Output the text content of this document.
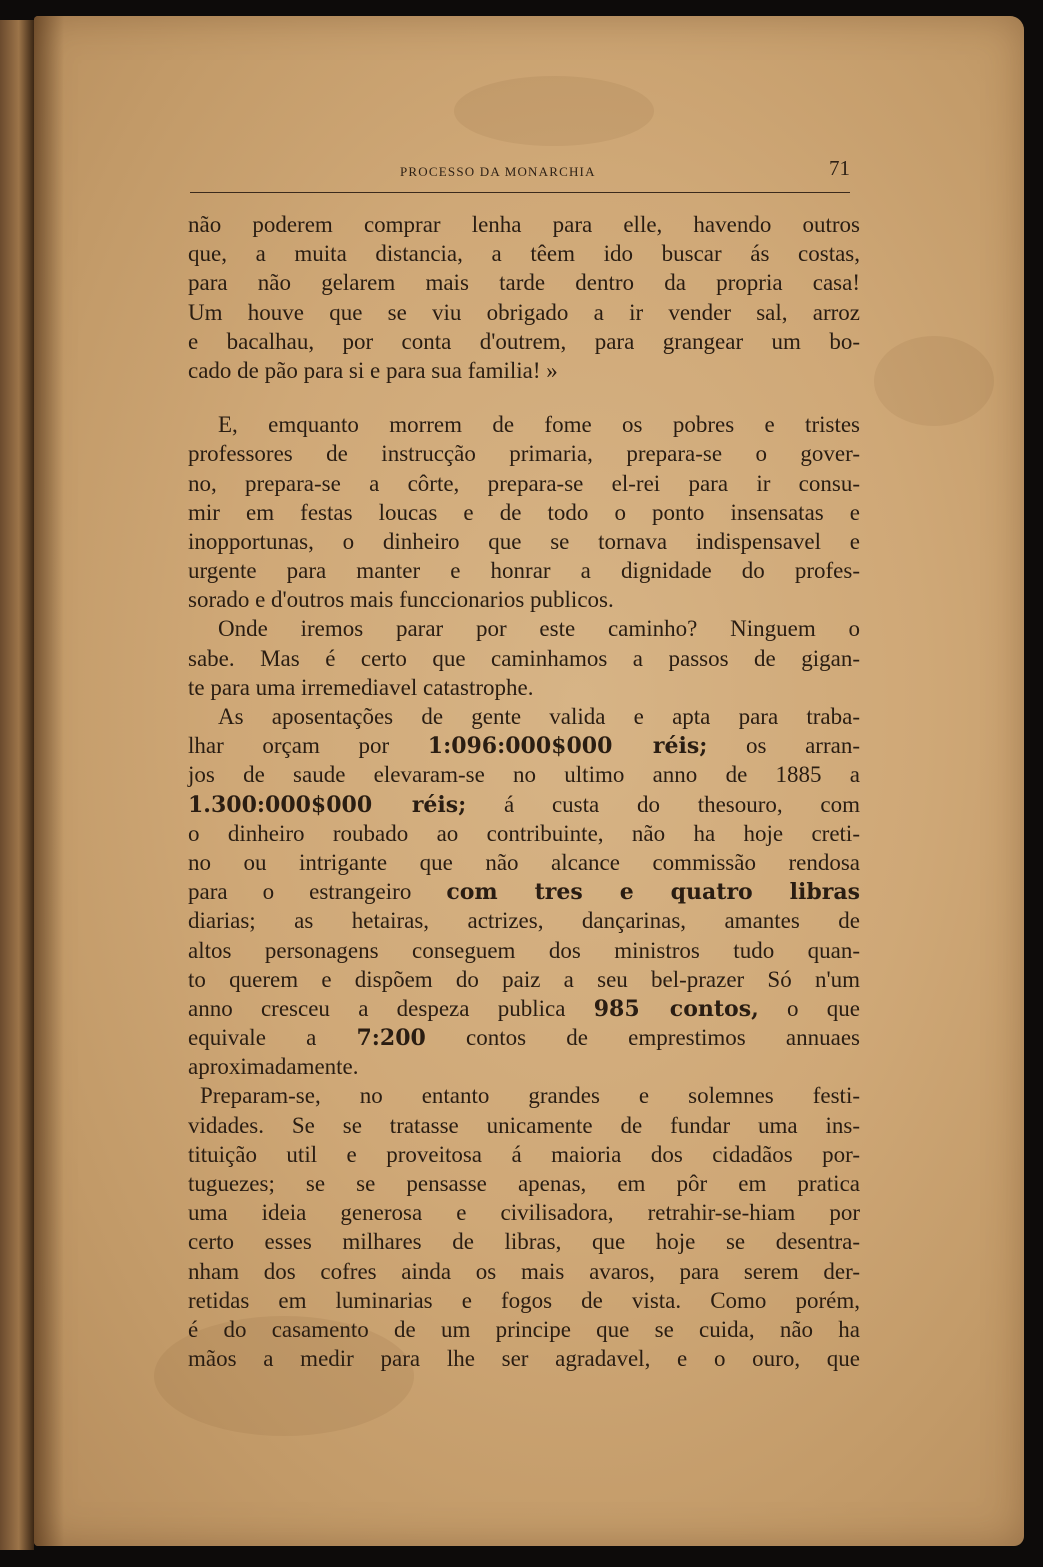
PROCESSO DA MONARCHIA	71
não poderem comprar lenha para elle, havendo outros
que, a muita distancia, a têem ido buscar ás costas,
para não gelarem mais tarde dentro da propria casa!
Um houve que se viu obrigado a ir vender sal, arroz
e bacalhau, por conta d'outrem, para grangear um bo-
cado de pão para si e para sua familia! »
E, emquanto morrem de fome os pobres e tristes
professores de instrucção primaria, prepara-se o gover-
no, prepara-se a côrte, prepara-se el-rei para ir consu-
mir em festas loucas e de todo o ponto insensatas e
inopportunas, o dinheiro que se tornava indispensavel e
urgente para manter e honrar a dignidade do profes-
sorado e d'outros mais funccionarios publicos.
Onde iremos parar por este caminho? Ninguem o
sabe. Mas é certo que caminhamos a passos de gigan-
te para uma irremediavel catastrophe.
As aposentações de gente valida e apta para traba-
lhar orçam por 1:096:000$000 réis; os arran-
jos de saude elevaram-se no ultimo anno de 1885 a
1.300:000$000 réis; á custa do thesouro, com
o dinheiro roubado ao contribuinte, não ha hoje creti-
no ou intrigante que não alcance commissão rendosa
para o estrangeiro com tres e quatro libras
diarias; as hetairas, actrizes, dançarinas, amantes de
altos personagens conseguem dos ministros tudo quan-
to querem e dispõem do paiz a seu bel-prazer Só n'um
anno cresceu a despeza publica 985 contos, o que
equivale a 7:200 contos de emprestimos annuaes
aproximadamente.
Preparam-se, no entanto grandes e solemnes festi-
vidades. Se se tratasse unicamente de fundar uma ins-
tituição util e proveitosa á maioria dos cidadãos por-
tuguezes; se se pensasse apenas, em pôr em pratica
uma ideia generosa e civilisadora, retrahir-se-hiam por
certo esses milhares de libras, que hoje se desentra-
nham dos cofres ainda os mais avaros, para serem der-
retidas em luminarias e fogos de vista. Como porém,
é do casamento de um principe que se cuida, não ha
mãos a medir para lhe ser agradavel, e o ouro, que
